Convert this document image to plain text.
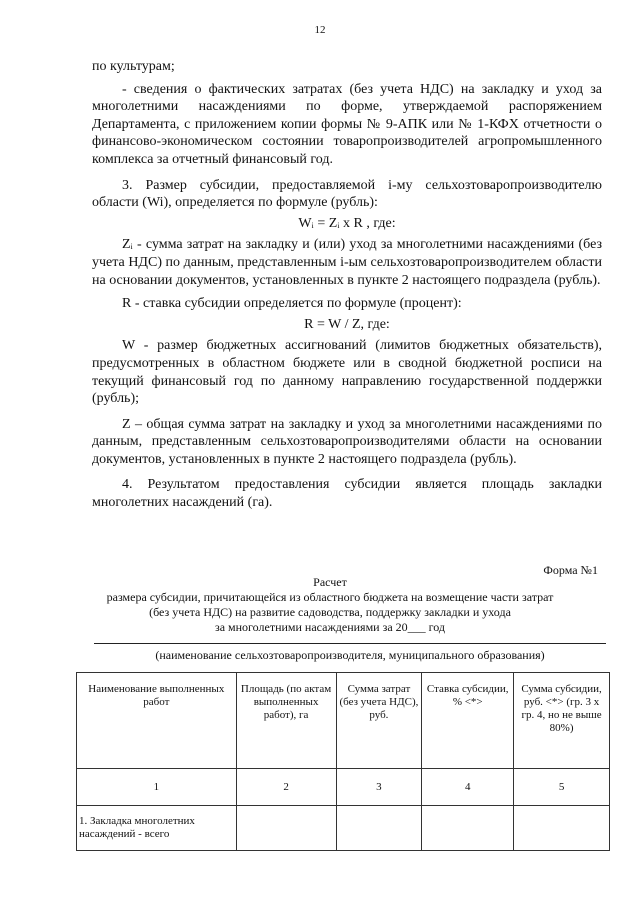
12

по культурам;

- сведения о фактических затратах (без учета НДС) на закладку и уход за многолетними насаждениями по форме, утверждаемой распоряжением Департамента, с приложением копии формы № 9-АПК или № 1-КФХ отчетности о финансово-экономическом состоянии товаропроизводителей агропромышленного комплекса за отчетный финансовый год.

3. Размер субсидии, предоставляемой i-му сельхозтоваропроизводителю области (Wi), определяется по формуле (рубль):

Wᵢ = Zᵢ x R , где:

Zᵢ - сумма затрат на закладку и (или) уход за многолетними насаждениями (без учета НДС) по данным, представленным i-ым сельхозтоваропроизводителем области на основании документов, установленных в пункте 2 настоящего подраздела (рубль).

R - ставка субсидии определяется по формуле (процент):

R = W / Z, где:

W - размер бюджетных ассигнований (лимитов бюджетных обязательств), предусмотренных в областном бюджете или в сводной бюджетной росписи на текущий финансовый год по данному направлению государственной поддержки (рубль);

Z – общая сумма затрат на закладку и уход за многолетними насаждениями по данным, представленным сельхозтоваропроизводителями области на основании документов, установленных в пункте 2 настоящего подраздела (рубль).

4. Результатом предоставления субсидии является площадь закладки многолетних насаждений (га).

Форма №1
Расчет
размера субсидии, причитающейся из областного бюджета на возмещение части затрат
(без учета НДС) на развитие садоводства, поддержку закладки и ухода
за многолетними насаждениями за 20___ год
(наименование сельхозтоваропроизводителя, муниципального образования)
Наименование выполненных работ	Площадь (по актам выполненных работ), га	Сумма затрат (без учета НДС), руб.	Ставка субсидии, % <*>	Сумма субсидии, руб. <*> (гр. 3 х гр. 4, но не выше 80%)
1	2	3	4	5
1. Закладка многолетних насаждений - всего				
